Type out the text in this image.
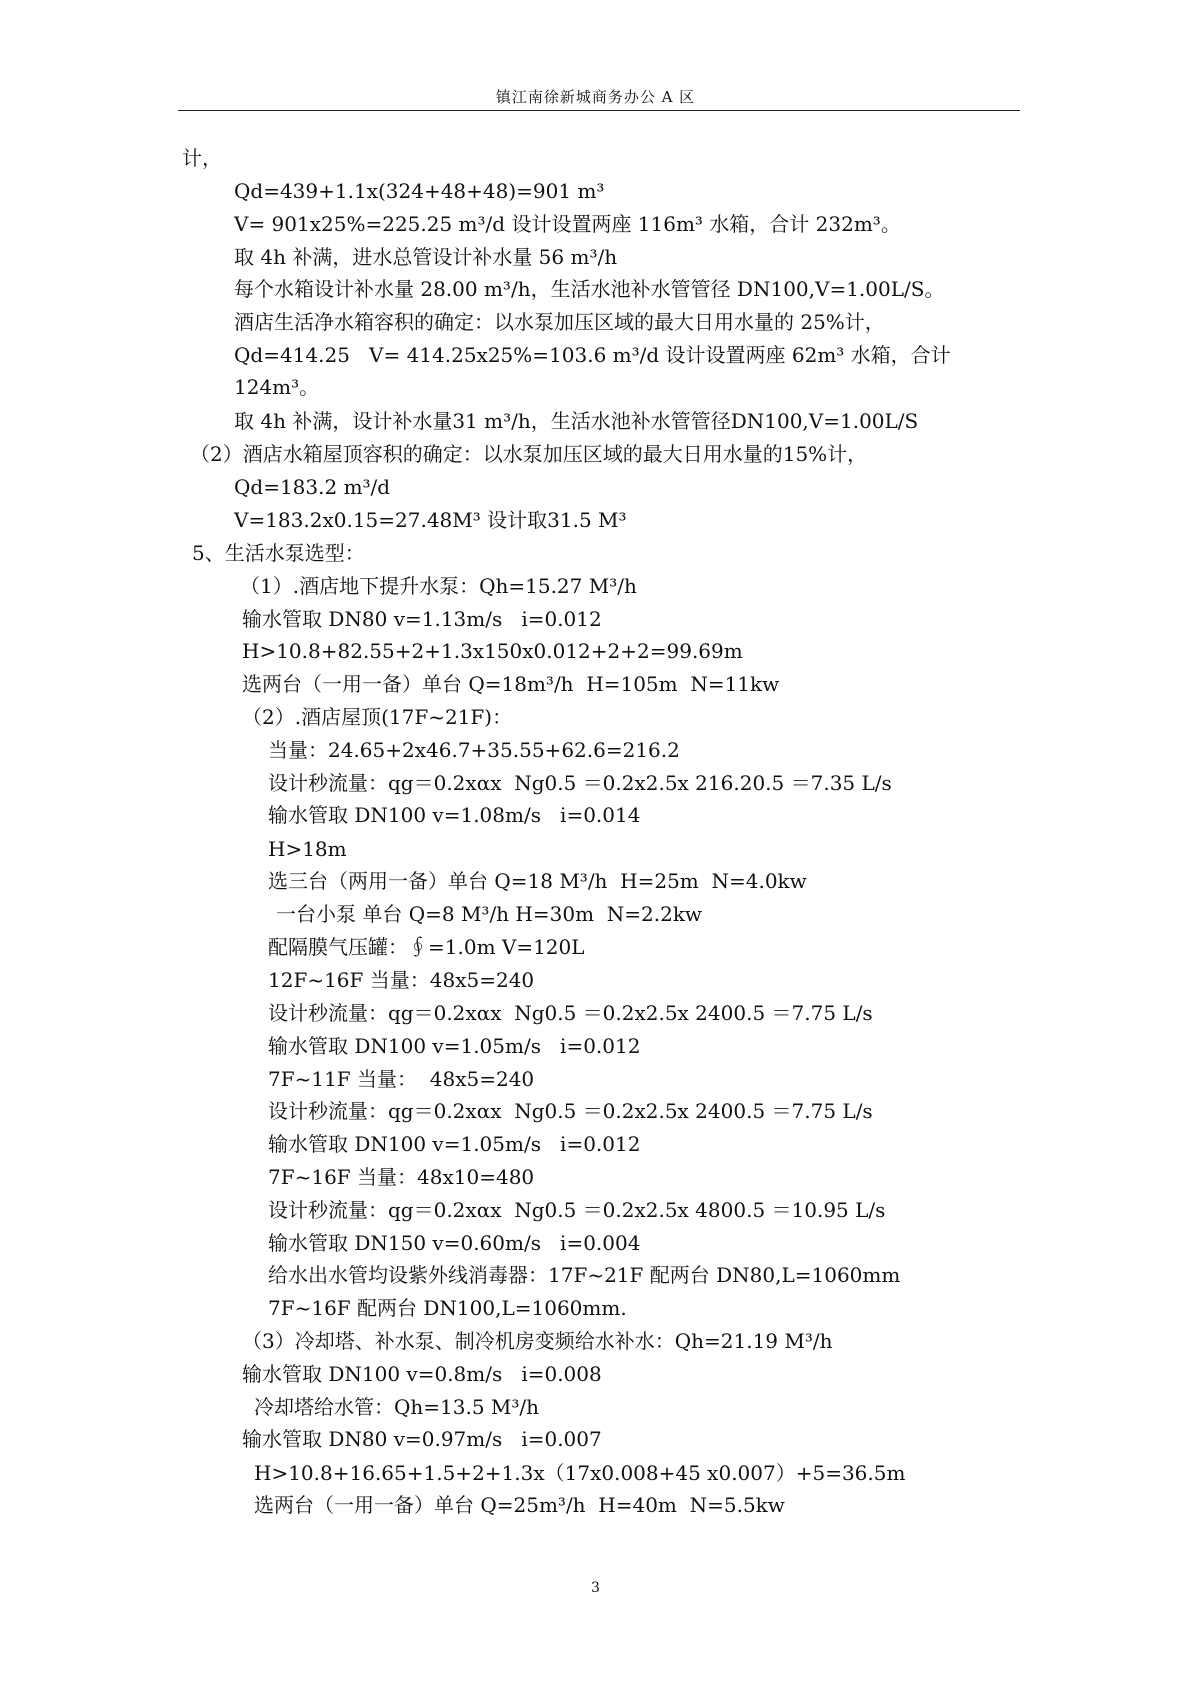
镇江南徐新城商务办公 A 区
计，
Qd=439+1.1x(324+48+48)=901 m³
V= 901x25%=225.25 m³/d 设计设置两座 116m³ 水箱，合计 232m³。
取 4h 补满，进水总管设计补水量 56 m³/h
每个水箱设计补水量 28.00 m³/h，生活水池补水管管径 DN100,V=1.00L/S。
酒店生活净水箱容积的确定：以水泵加压区域的最大日用水量的 25%计，
Qd=414.25   V= 414.25x25%=103.6 m³/d 设计设置两座 62m³ 水箱，合计
124m³。
取 4h 补满，设计补水量31 m³/h，生活水池补水管管径DN100,V=1.00L/S
（2）酒店水箱屋顶容积的确定：以水泵加压区域的最大日用水量的15%计，
Qd=183.2 m³/d
V=183.2x0.15=27.48M³ 设计取31.5 M³
5、生活水泵选型：
（1）.酒店地下提升水泵：Qh=15.27 M³/h
输水管取 DN80 v=1.13m/s   i=0.012
H>10.8+82.55+2+1.3x150x0.012+2+2=99.69m
选两台（一用一备）单台 Q=18m³/h  H=105m  N=11kw
（2）.酒店屋顶(17F~21F)：
当量：24.65+2x46.7+35.55+62.6=216.2
设计秒流量：qg＝0.2xαx  Ng0.5 ＝0.2x2.5x 216.20.5 ＝7.35 L/s
输水管取 DN100 v=1.08m/s   i=0.014
H>18m
选三台（两用一备）单台 Q=18 M³/h  H=25m  N=4.0kw
一台小泵 单台 Q=8 M³/h H=30m  N=2.2kw
配隔膜气压罐：∮=1.0m V=120L
12F~16F 当量：48x5=240
设计秒流量：qg＝0.2xαx  Ng0.5 ＝0.2x2.5x 2400.5 ＝7.75 L/s
输水管取 DN100 v=1.05m/s   i=0.012
7F~11F 当量：  48x5=240
设计秒流量：qg＝0.2xαx  Ng0.5 ＝0.2x2.5x 2400.5 ＝7.75 L/s
输水管取 DN100 v=1.05m/s   i=0.012
7F~16F 当量：48x10=480
设计秒流量：qg＝0.2xαx  Ng0.5 ＝0.2x2.5x 4800.5 ＝10.95 L/s
输水管取 DN150 v=0.60m/s   i=0.004
给水出水管均设紫外线消毒器：17F~21F 配两台 DN80,L=1060mm
7F~16F 配两台 DN100,L=1060mm.
（3）冷却塔、补水泵、制冷机房变频给水补水：Qh=21.19 M³/h
输水管取 DN100 v=0.8m/s   i=0.008
冷却塔给水管：Qh=13.5 M³/h
输水管取 DN80 v=0.97m/s   i=0.007
H>10.8+16.65+1.5+2+1.3x（17x0.008+45 x0.007）+5=36.5m
选两台（一用一备）单台 Q=25m³/h  H=40m  N=5.5kw
3
